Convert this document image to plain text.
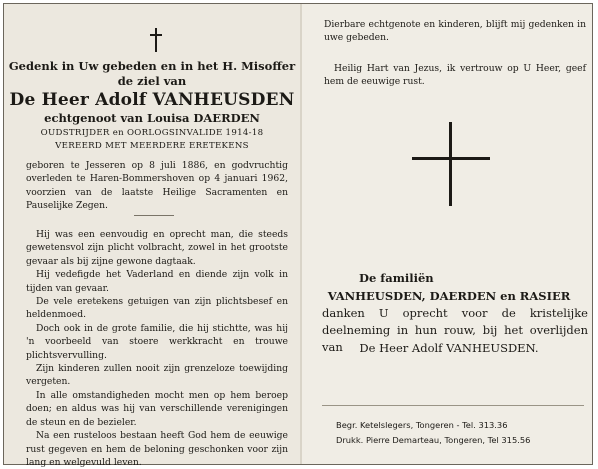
Gedenk in Uw gebeden en in het H. Misoffer
de ziel van
De Heer Adolf VANHEUSDEN
echtgenoot van Louisa DAERDEN
OUDSTRIJDER en OORLOGSINVALIDE 1914-18
VEREERD MET MEERDERE ERETEKENS

geboren te Jesseren op 8 juli 1886, en godvruchtig overleden te Haren-Bommershoven op 4 januari 1962, voorzien van de laatste Heilige Sacramenten en Pauselijke Zegen.

Hij was een eenvoudig en oprecht man, die steeds gewetensvol zijn plicht volbracht, zowel in het grootste gevaar als bij zijne gewone dagtaak.

Hij vedefigde het Vaderland en diende zijn volk in tijden van gevaar.

De vele eretekens getuigen van zijn plichtsbesef en heldenmoed.

Doch ook in de grote familie, die hij stichtte, was hij 'n voorbeeld van stoere werkkracht en trouwe plichtsvervulling.

Zijn kinderen zullen nooit zijn grenzeloze toewijding vergeten.

In alle omstandigheden mocht men op hem beroep doen; en aldus was hij van verschillende verenigingen de steun en de bezieler.

Na een rusteloos bestaan heeft God hem de eeuwige rust gegeven en hem de beloning geschonken voor zijn lang en welgevuld leven.

Dierbare echtgenote en kinderen, blijft mij gedenken in uwe gebeden.
Heilig Hart van Jezus, ik vertrouw op U Heer, geef hem de eeuwige rust.
De familiën
VANHEUSDEN, DAERDEN en RASIER
danken U oprecht voor de kristelijke deelneming in hun rouw, bij het overlijden van	De Heer Adolf VANHEUSDEN.
Begr. Ketelslegers, Tongeren - Tel. 313.36
Drukk. Pierre Demarteau, Tongeren, Tel 315.56
